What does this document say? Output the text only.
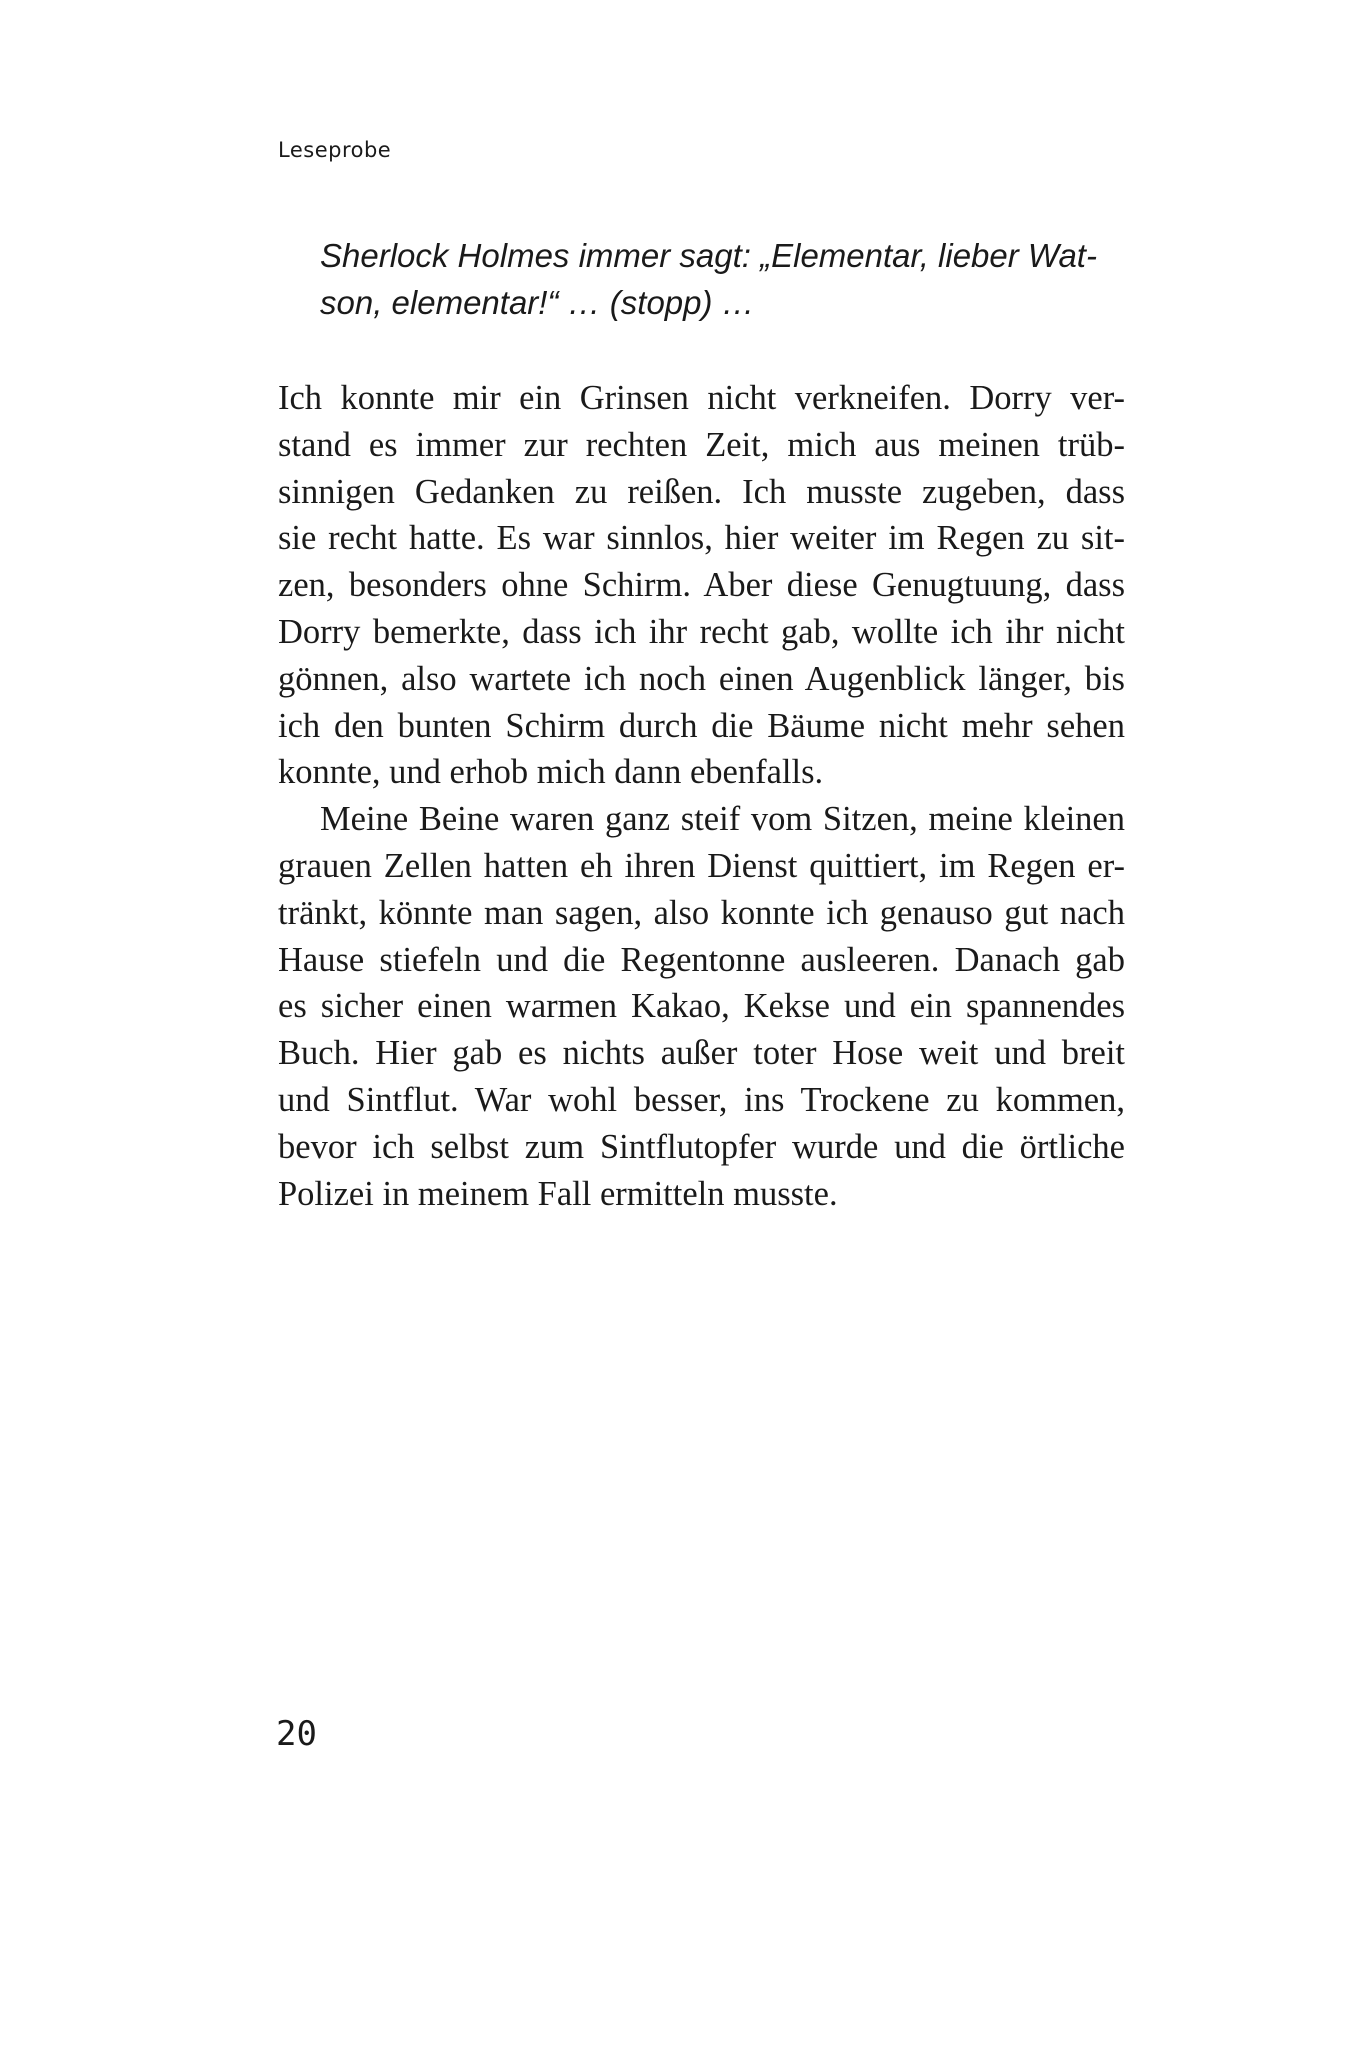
Leseprobe
Sherlock Holmes immer sagt: „Elementar, lieber Wat-
son, elementar!“ … (stopp) …
Ich konnte mir ein Grinsen nicht verkneifen. Dorry ver-
stand es immer zur rechten Zeit, mich aus meinen trüb-
sinnigen Gedanken zu reißen. Ich musste zugeben, dass
sie recht hatte. Es war sinnlos, hier weiter im Regen zu sit-
zen, besonders ohne Schirm. Aber diese Genugtuung, dass
Dorry bemerkte, dass ich ihr recht gab, wollte ich ihr nicht
gönnen, also wartete ich noch einen Augenblick länger, bis
ich den bunten Schirm durch die Bäume nicht mehr sehen
konnte, und erhob mich dann ebenfalls.
Meine Beine waren ganz steif vom Sitzen, meine kleinen
grauen Zellen hatten eh ihren Dienst quittiert, im Regen er-
tränkt, könnte man sagen, also konnte ich genauso gut nach
Hause stiefeln und die Regentonne ausleeren. Danach gab
es sicher einen warmen Kakao, Kekse und ein spannendes
Buch. Hier gab es nichts außer toter Hose weit und breit
und Sintflut. War wohl besser, ins Trockene zu kommen,
bevor ich selbst zum Sintflutopfer wurde und die örtliche
Polizei in meinem Fall ermitteln musste.
20
